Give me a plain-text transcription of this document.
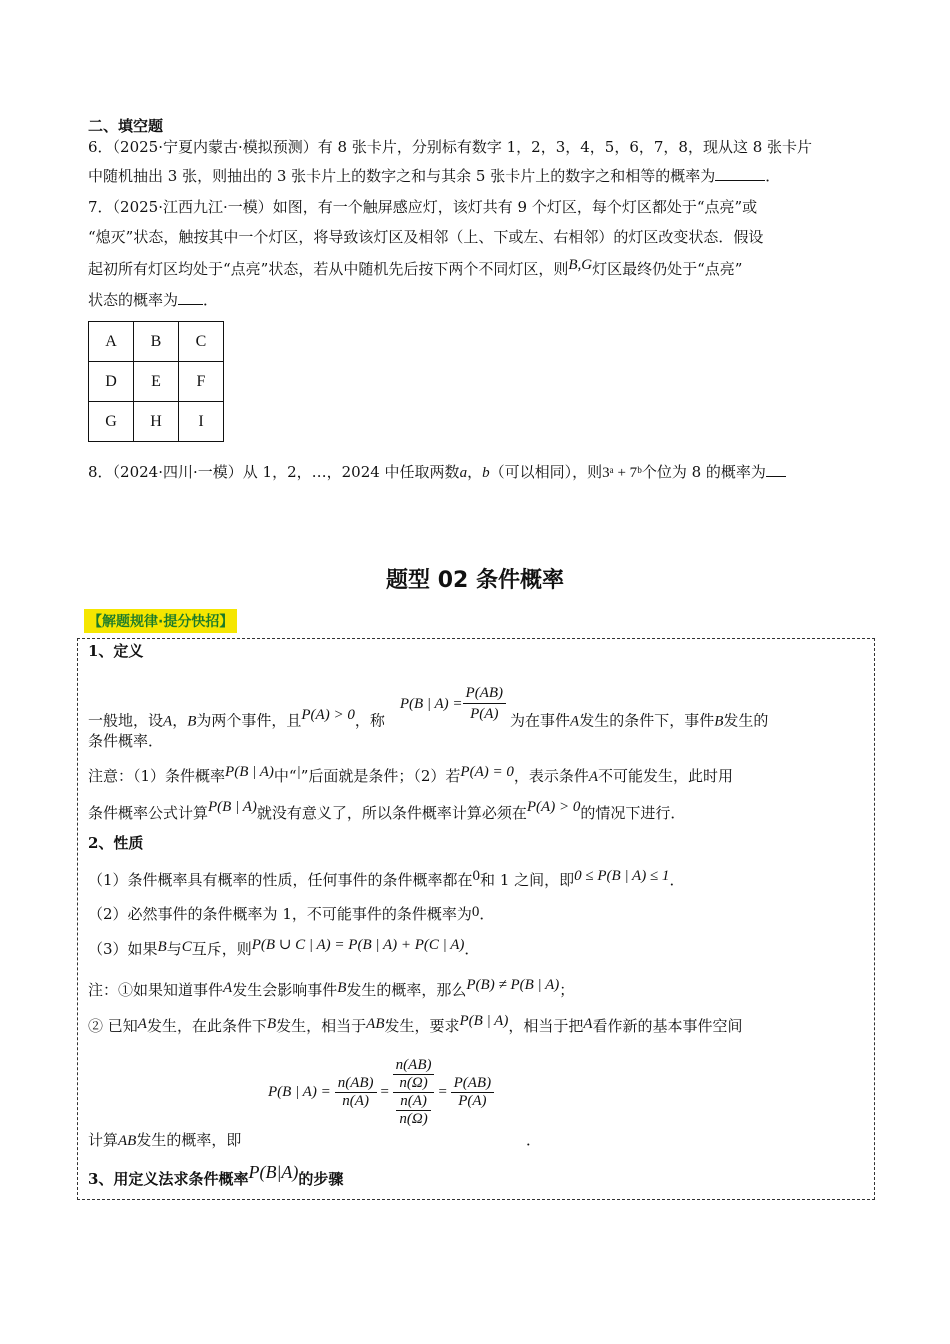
二、填空题
6．（2025·宁夏内蒙古·模拟预测）有 8 张卡片，分别标有数字 1，2，3，4，5，6，7，8，现从这 8 张卡片
中随机抽出 3 张，则抽出的 3 张卡片上的数字之和与其余 5 张卡片上的数字之和相等的概率为	．
7．（2025·江西九江·一模）如图，有一个触屏感应灯，该灯共有 9 个灯区，每个灯区都处于“点亮”或
“熄灭”状态，触按其中一个灯区，将导致该灯区及相邻（上、下或左、右相邻）的灯区改变状态．假设
起初所有灯区均处于“点亮”状态，若从中随机先后按下两个不同灯区，则B,G灯区最终仍处于“点亮”
状态的概率为 ．
A	B	C
D	E	F
G	H	I
8．（2024·四川·一模）从 1，2，…，2024 中任取两数a，b（可以相同），则3ᵃ + 7ᵇ个位为 8 的概率为
题型 02 条件概率
【解题规律·提分快招】
1、定义
一般地，设A，B为两个事件，且P(A) > 0，称P(B | $A) = \frac{P(AB)}{P(A)}$ 为在事件A发生的条件下，事件B发生的
条件概率．
注意：（1）条件概率P(B | A)中“|”后面就是条件；（2）若P(A) = 0，表示条件A不可能发生，此时用
条件概率公式计算P(B | A)就没有意义了，所以条件概率计算必须在P(A) > 0的情况下进行．
2、性质
（1）条件概率具有概率的性质，任何事件的条件概率都在0和 1 之间，即0 ≤ P(B | A) ≤ 1．
（2）必然事件的条件概率为 1，不可能事件的条件概率为0．
（3）如果B与C互斥，则P(B ∪ C | A) = P(B | A) + P(C | A)．
注：①如果知道事件A发生会影响事件B发生的概率，那么P(B) ≠ P(B | A)；
② 已知A发生，在此条件下B发生，相当于AB发生，要求P(B | A)，相当于把A看作新的基本事件空间
P(B | $A) = \frac{n(AB)}{n(A)} = \frac{\frac{n(AB)}{n(\Omega)}}{\frac{n(A)}{n(\Omega)}} = \frac{P(AB)}{P(A)}$
计算AB发生的概率，即	．
3、用定义法求条件概率P(B|A)的步骤
